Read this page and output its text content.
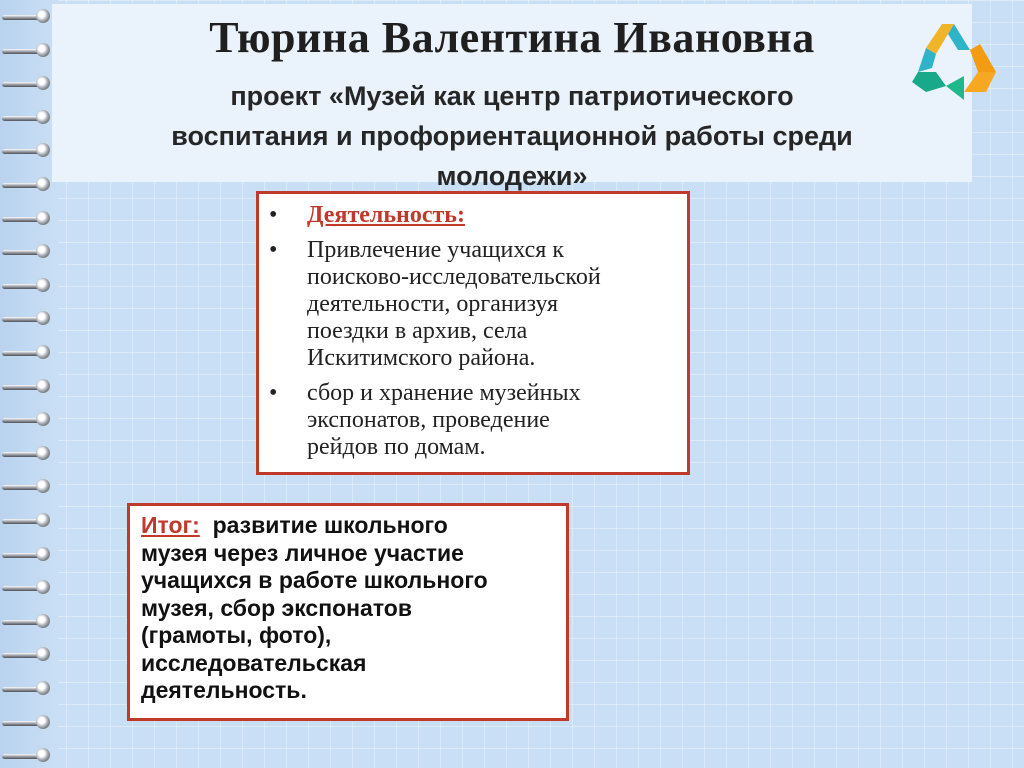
Тюрина Валентина Ивановна
проект «Музей как центр патриотического
воспитания и профориентационной работы среди
молодежи»
• Деятельность:
• Привлечение учащихся к
поисково-исследовательской
деятельности, организуя
поездки в архив, села
Искитимского района.
• сбор и хранение музейных
экспонатов, проведение
рейдов по домам.
Итог: развитие школьного
музея через личное участие
учащихся в работе школьного
музея, сбор экспонатов
(грамоты, фото),
исследовательская
деятельность.
